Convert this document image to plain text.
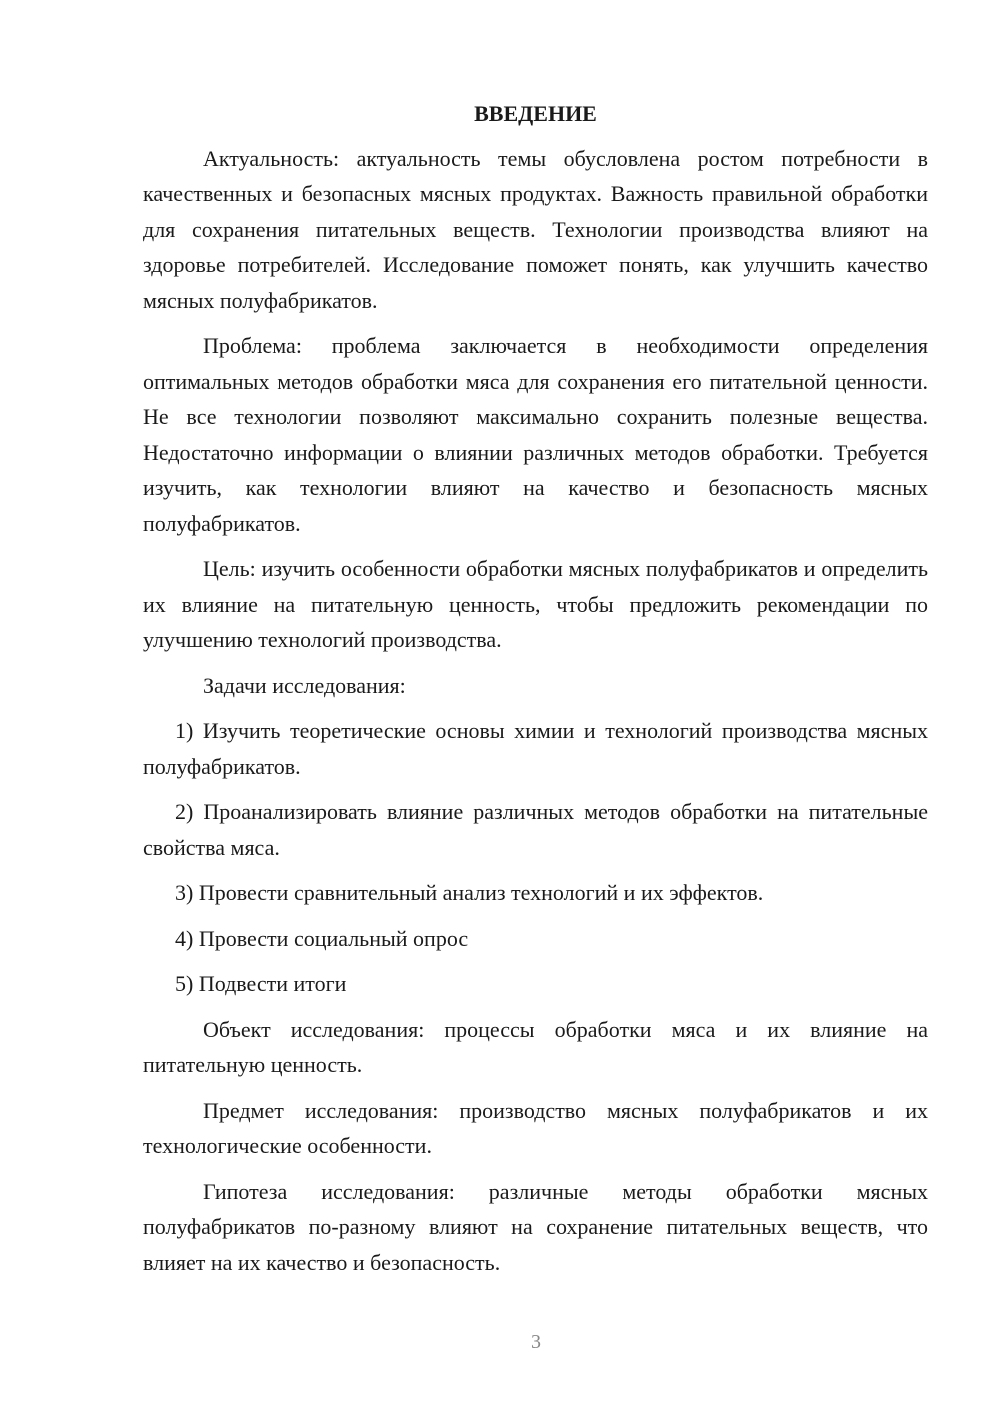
ВВЕДЕНИЕ

Актуальность: актуальность темы обусловлена ростом потребности в качественных и безопасных мясных продуктах. Важность правильной обработки для сохранения питательных веществ. Технологии производства влияют на здоровье потребителей. Исследование поможет понять, как улучшить качество мясных полуфабрикатов.

Проблема: проблема заключается в необходимости определения оптимальных методов обработки мяса для сохранения его питательной ценности. Не все технологии позволяют максимально сохранить полезные вещества. Недостаточно информации о влиянии различных методов обработки. Требуется изучить, как технологии влияют на качество и безопасность мясных полуфабрикатов.

Цель: изучить особенности обработки мясных полуфабрикатов и определить их влияние на питательную ценность, чтобы предложить рекомендации по улучшению технологий производства.

Задачи исследования:

1) Изучить теоретические основы химии и технологий производства мясных полуфабрикатов.

2) Проанализировать влияние различных методов обработки на питательные свойства мяса.

3) Провести сравнительный анализ технологий и их эффектов.

4) Провести социальный опрос

5) Подвести итоги

Объект исследования: процессы обработки мяса и их влияние на питательную ценность.

Предмет исследования: производство мясных полуфабрикатов и их технологические особенности.

Гипотеза исследования: различные методы обработки мясных полуфабрикатов по-разному влияют на сохранение питательных веществ, что влияет на их качество и безопасность.

3
